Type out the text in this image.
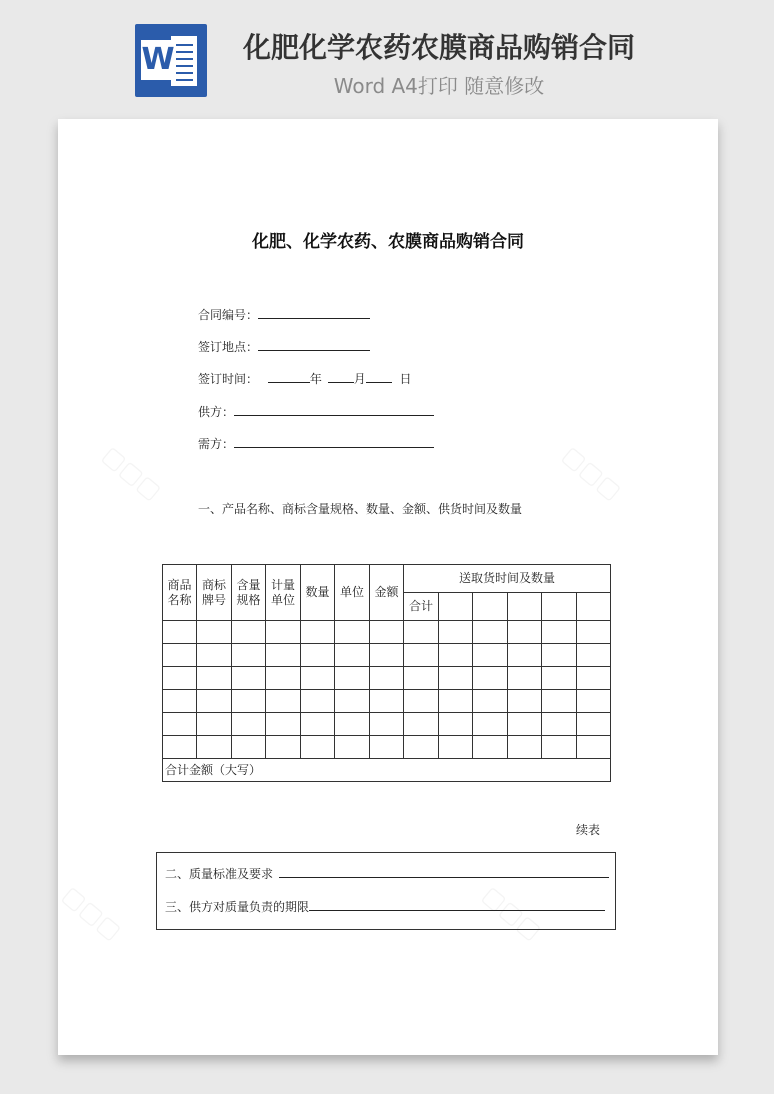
W	化肥化学农药农膜商品购销合同
Word A4打印 随意修改
化肥、化学农药、农膜商品购销合同
合同编号：
签订地点：
签订时间：	年	月	日
供方：
需方：
一、产品名称、商标含量规格、数量、金额、供货时间及数量
商品名称	商标牌号	含量规格	计量单位	数量	单位	金额	送取货时间及数量					
							合计					

合计金额（大写）												
续表
二、质量标准及要求
三、供方对质量负责的期限
